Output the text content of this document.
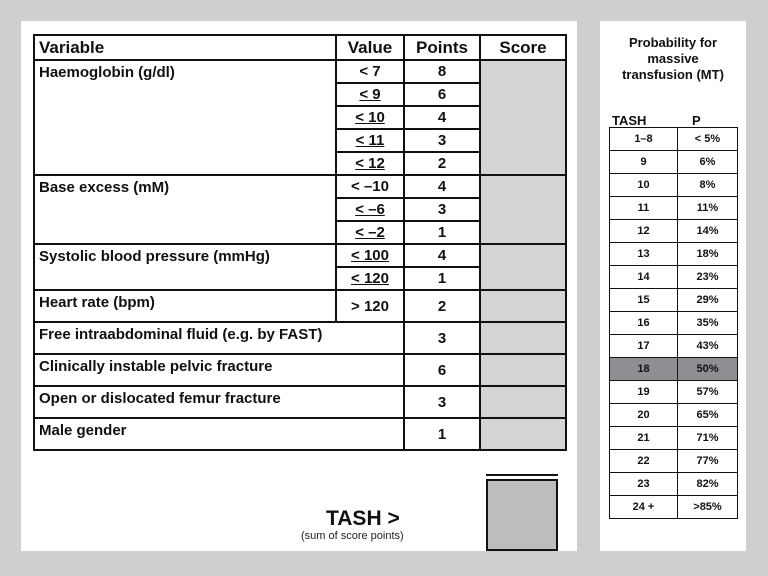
Variable	Value	Points	Score
Haemoglobin (g/dl)	< 7	8	
	< 9	6	
	< 10	4	
	< 11	3	
	< 12	2	
Base excess (mM)	< –10	4	
	< –6	3	
	< –2	1	
Systolic blood pressure (mmHg)	< 100	4	
	< 120	1	
Heart rate (bpm)	> 120	2	
Free intraabdominal fluid (e.g. by FAST)		3	
Clinically instable pelvic fracture		6	
Open or dislocated femur fracture		3	
Male gender		1	
TASH >
(sum of score points)
Probability for
massive
transfusion (MT)
TASH	P
1–8	< 5%
9	6%
10	8%
11	11%
12	14%
13	18%
14	23%
15	29%
16	35%
17	43%
18	50%
19	57%
20	65%
21	71%
22	77%
23	82%
24 +	>85%
